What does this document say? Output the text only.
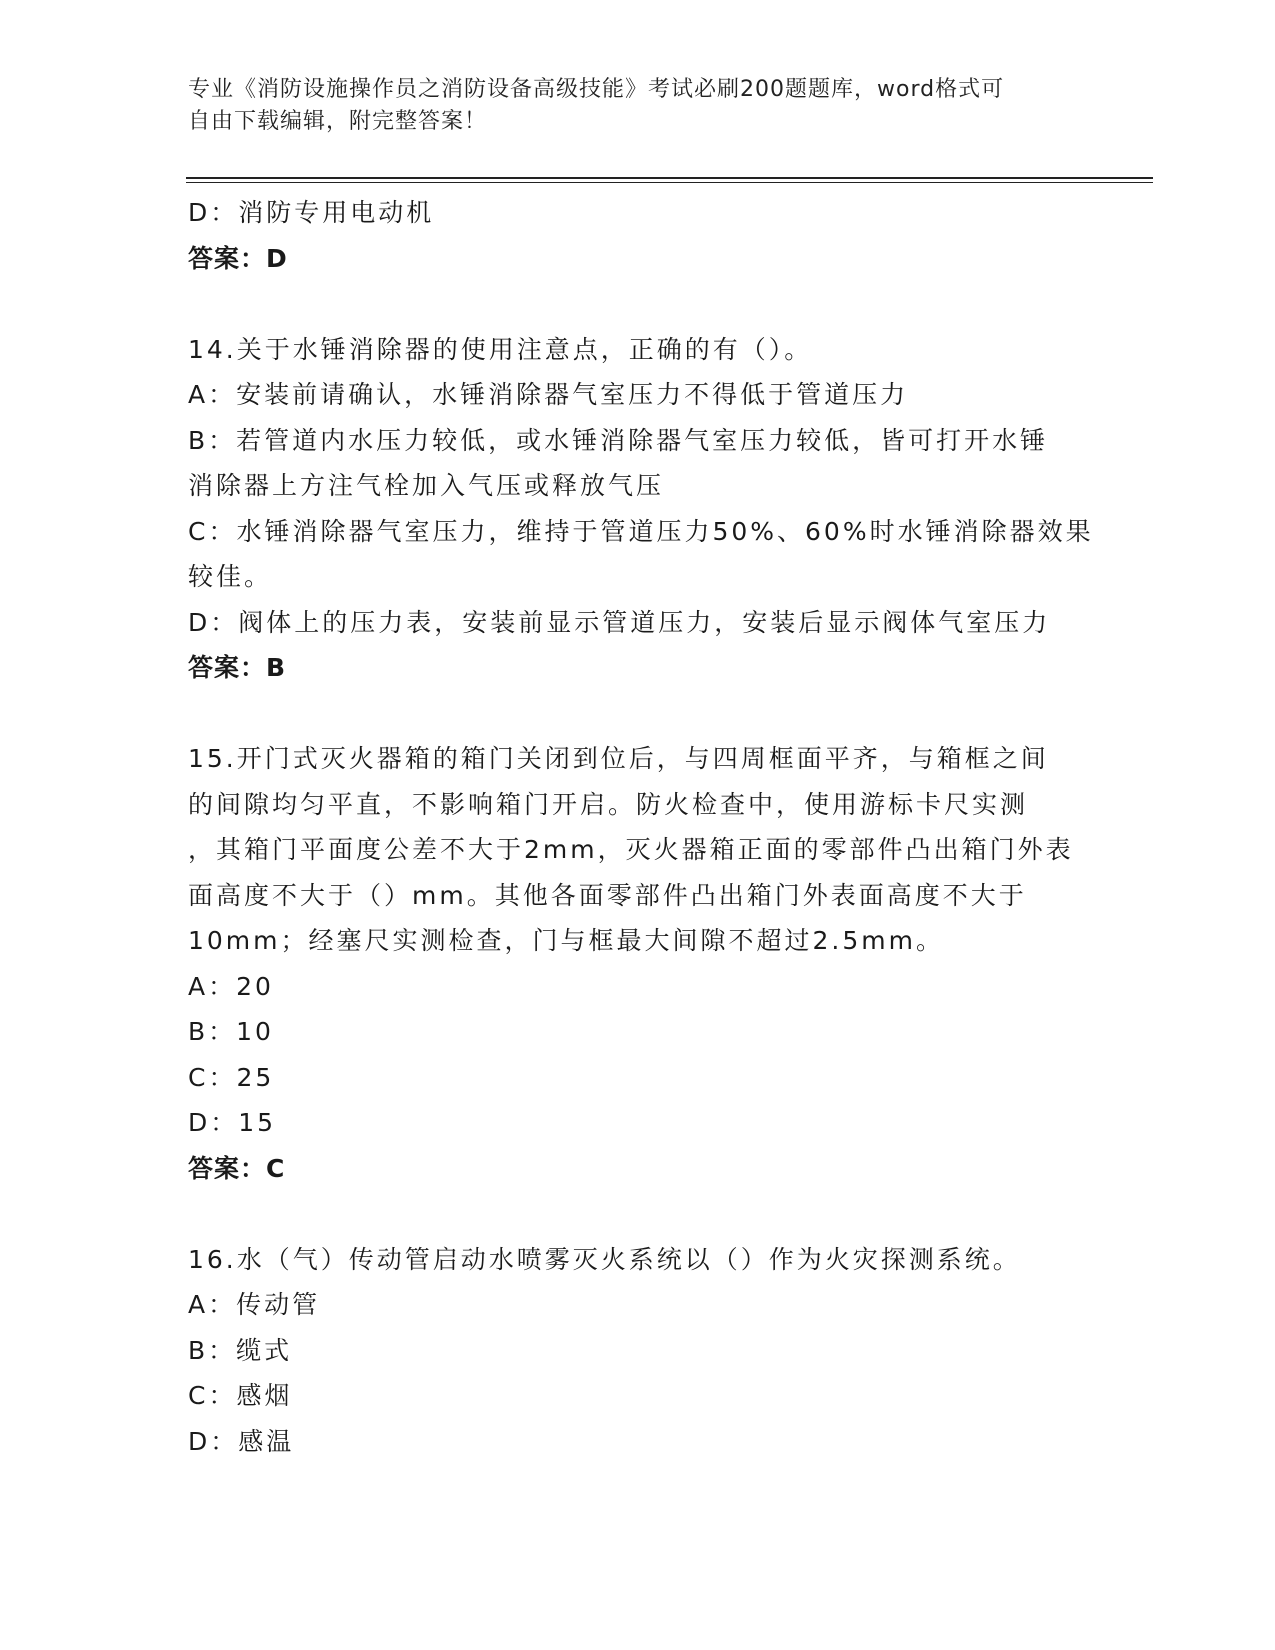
专业《消防设施操作员之消防设备高级技能》考试必刷200题题库，word格式可
自由下载编辑，附完整答案！
D：消防专用电动机
答案：D
14.关于水锤消除器的使用注意点，正确的有（）。
A：安装前请确认，水锤消除器气室压力不得低于管道压力
B：若管道内水压力较低，或水锤消除器气室压力较低，皆可打开水锤
消除器上方注气栓加入气压或释放气压
C：水锤消除器气室压力，维持于管道压力50%、60%时水锤消除器效果
较佳。
D：阀体上的压力表，安装前显示管道压力，安装后显示阀体气室压力
答案：B
15.开门式灭火器箱的箱门关闭到位后，与四周框面平齐，与箱框之间
的间隙均匀平直，不影响箱门开启。防火检查中，使用游标卡尺实测
，其箱门平面度公差不大于2mm，灭火器箱正面的零部件凸出箱门外表
面高度不大于（）mm。其他各面零部件凸出箱门外表面高度不大于
10mm；经塞尺实测检查，门与框最大间隙不超过2.5mm。
A：20
B：10
C：25
D：15
答案：C
16.水（气）传动管启动水喷雾灭火系统以（）作为火灾探测系统。
A：传动管
B：缆式
C：感烟
D：感温
